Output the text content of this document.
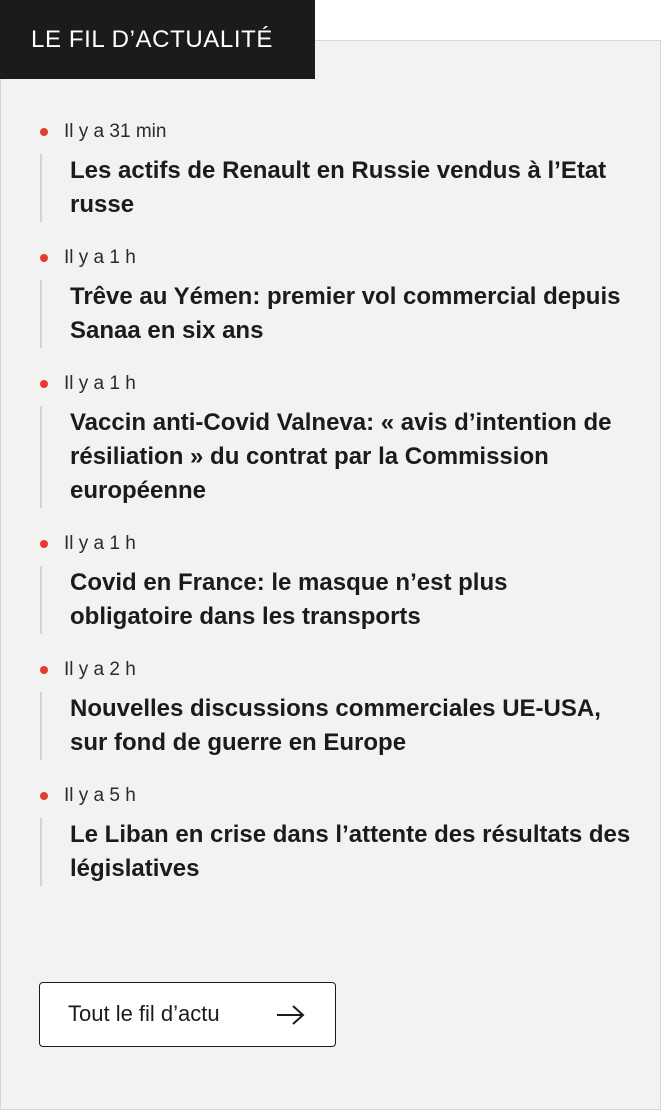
LE FIL D’ACTUALITÉ
Il y a 31 min
Les actifs de Renault en Russie vendus à l’Etat russe
Il y a 1 h
Trêve au Yémen: premier vol commercial depuis Sanaa en six ans
Il y a 1 h
Vaccin anti-Covid Valneva: « avis d’intention de résiliation » du contrat par la Commission européenne
Il y a 1 h
Covid en France: le masque n’est plus obligatoire dans les transports
Il y a 2 h
Nouvelles discussions commerciales UE-USA, sur fond de guerre en Europe
Il y a 5 h
Le Liban en crise dans l’attente des résultats des législatives
Tout le fil d’actu
